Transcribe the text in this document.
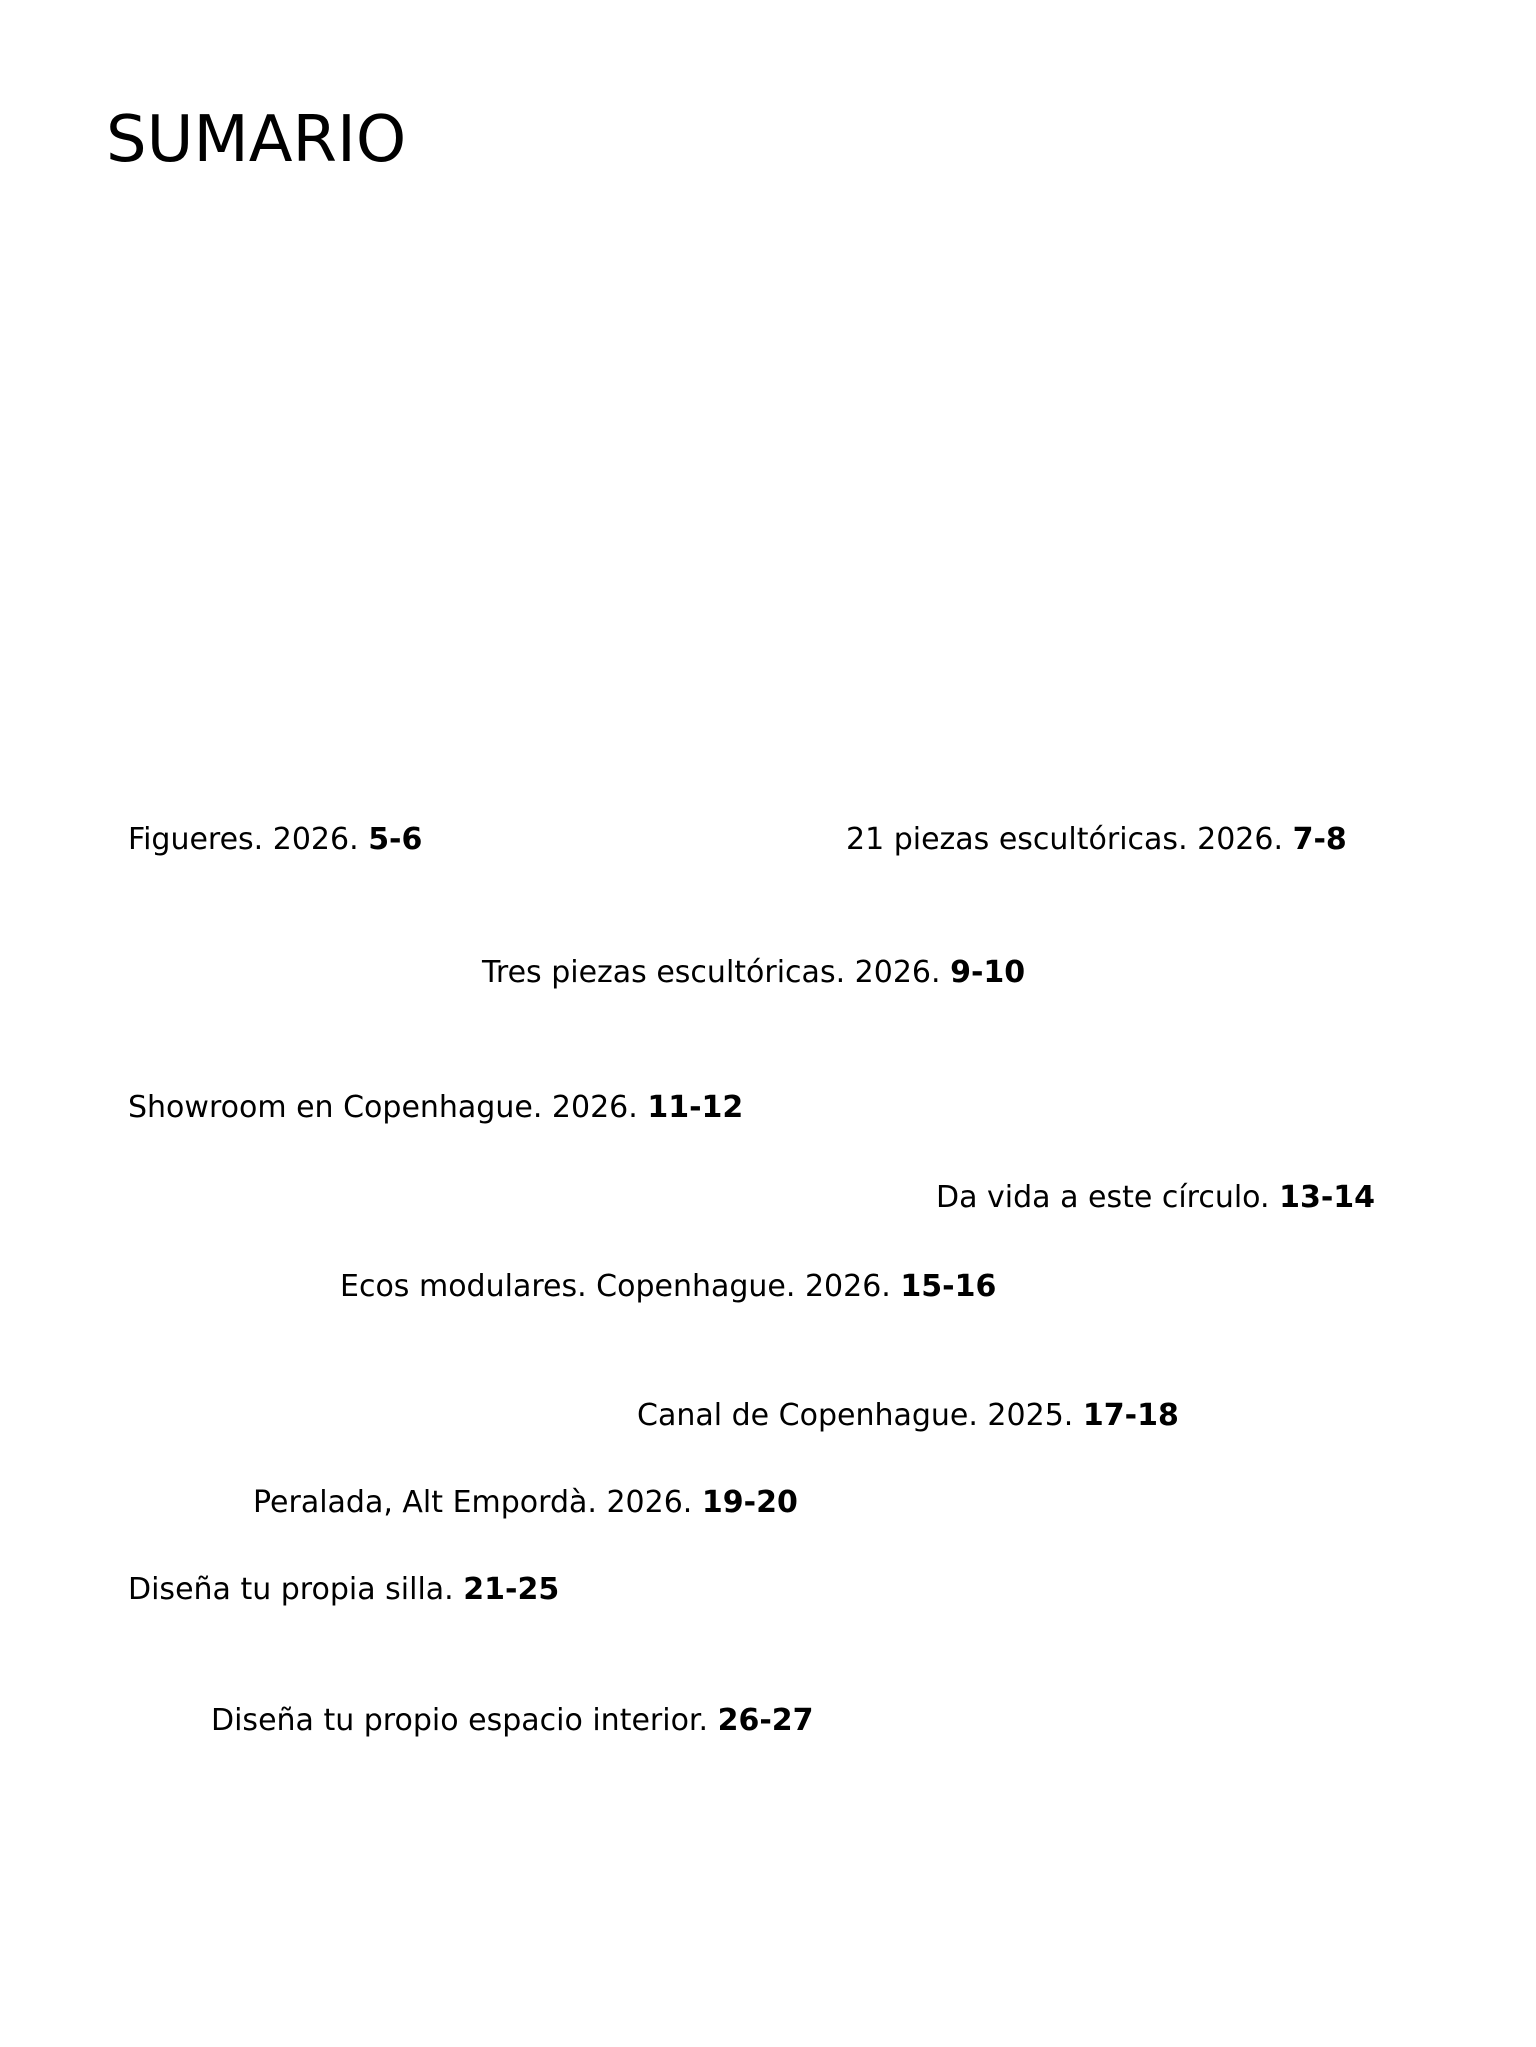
SUMARIO
Figueres. 2026. 5-6	21 piezas escultóricas. 2026. 7-8
Tres piezas escultóricas. 2026. 9-10
Showroom en Copenhague. 2026. 11-12
Da vida a este círculo. 13-14
Ecos modulares. Copenhague. 2026. 15-16
Canal de Copenhague. 2025. 17-18
Peralada, Alt Empordà. 2026. 19-20
Diseña tu propia silla. 21-25
Diseña tu propio espacio interior. 26-27
